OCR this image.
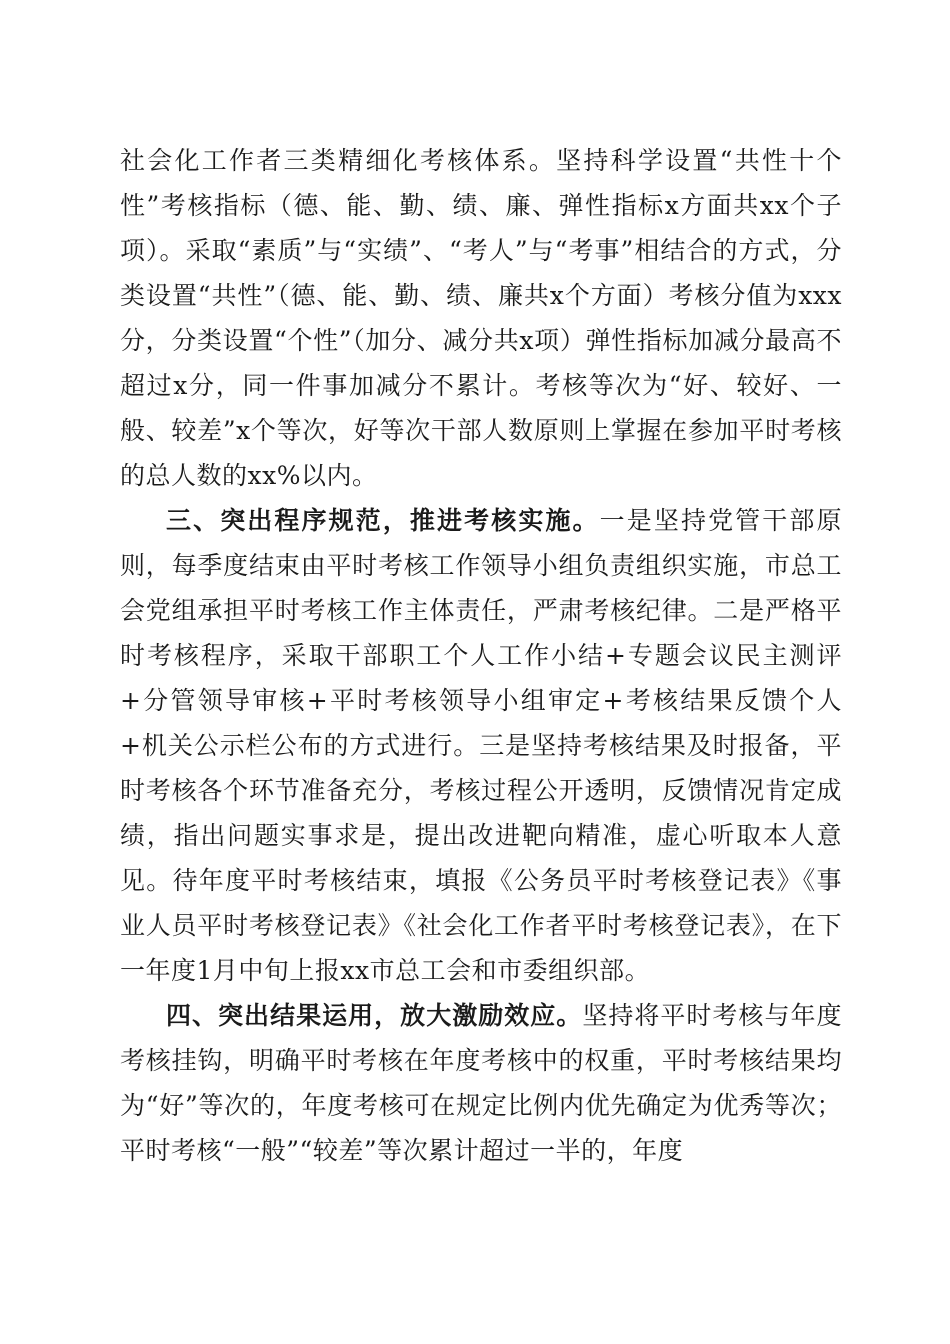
社会化工作者三类精细化考核体系。坚持科学设置“共性十个性”考核指标（德、能、勤、绩、廉、弹性指标x方面共xx个子项）。采取“素质”与“实绩”、“考人”与“考事”相结合的方式，分类设置“共性”（德、能、勤、绩、廉共x个方面）考核分值为xxx分，分类设置“个性”（加分、减分共x项）弹性指标加减分最高不超过x分，同一件事加减分不累计。考核等次为“好、较好、一般、较差”x个等次，好等次干部人数原则上掌握在参加平时考核的总人数的xx%以内。

三、突出程序规范，推进考核实施。一是坚持党管干部原则，每季度结束由平时考核工作领导小组负责组织实施，市总工会党组承担平时考核工作主体责任，严肃考核纪律。二是严格平时考核程序，采取干部职工个人工作小结+专题会议民主测评+分管领导审核+平时考核领导小组审定+考核结果反馈个人+机关公示栏公布的方式进行。三是坚持考核结果及时报备，平时考核各个环节准备充分，考核过程公开透明，反馈情况肯定成绩，指出问题实事求是，提出改进靶向精准，虚心听取本人意见。待年度平时考核结束，填报《公务员平时考核登记表》《事业人员平时考核登记表》《社会化工作者平时考核登记表》，在下一年度1月中旬上报xx市总工会和市委组织部。

四、突出结果运用，放大激励效应。坚持将平时考核与年度考核挂钩，明确平时考核在年度考核中的权重，平时考核结果均为“好”等次的，年度考核可在规定比例内优先确定为优秀等次；平时考核“一般”“较差”等次累计超过一半的，年度
